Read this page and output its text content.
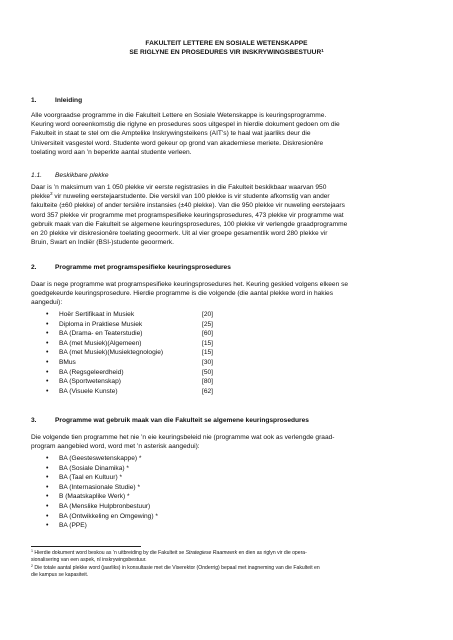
FAKULTEIT LETTERE EN SOSIALE WETENSKAPPE
SE RIGLYNE EN PROSEDURES VIR INSKRYWINGSBESTUUR$^1$
1.	Inleiding
Alle voorgraadse programme in die Fakulteit Lettere en Sosiale Wetenskappe is keuringsprogramme.
Keuring word ooreenkomstig die riglyne en prosedures soos uitgespel in hierdie dokument gedoen om die
Fakulteit in staat te stel om die Amptelike Inskrywingsteikens (AIT’s) te haal wat jaarliks deur die
Universiteit vasgestel word. Studente word gekeur op grond van akademiese meriete. Diskresionêre
toelating word aan ’n beperkte aantal studente verleen.
1.1. Beskikbare plekke
Daar is ’n maksimum van 1 050 plekke vir eerste registrasies in die Fakulteit beskikbaar waarvan 950
plekke$^2$ vir nuweling eerstejaarstudente. Die verskil van 100 plekke is vir studente afkomstig van ander
fakulteite (±60 plekke) of ander tersiêre instansies (±40 plekke). Van die 950 plekke vir nuweling eerstejaars
word 357 plekke vir programme met programspesifieke keuringsprosedures, 473 plekke vir programme wat
gebruik maak van die Fakulteit se algemene keuringsprosedures, 100 plekke vir verlengde graadprogramme
en 20 plekke vir diskresionêre toelating geoormerk. Uit al vier groepe gesamentlik word 280 plekke vir
Bruin, Swart en Indiër (BSI-)studente geoormerk.
2.	Programme met programspesifieke keuringsprosedures
Daar is nege programme wat programspesifieke keuringsprosedures het. Keuring geskied volgens elkeen se
goedgekeurde keuringsprosedure. Hierdie programme is die volgende (die aantal plekke word in hakies
aangedui):
• Hoër Sertifikaat in Musiek	[20]
• Diploma in Praktiese Musiek	[25]
• BA (Drama- en Teaterstudie)	[60]
• BA (met Musiek)(Algemeen)	[15]
• BA (met Musiek)(Musiektegnologie)	[15]
• BMus	[30]
• BA (Regsgeleerdheid)	[50]
• BA (Sportwetenskap)	[80]
• BA (Visuele Kunste)	[62]
3.	Programme wat gebruik maak van die Fakulteit se algemene keuringsprosedures
Die volgende tien programme het nie ’n eie keuringsbeleid nie (programme wat ook as verlengde graad-
program aangebied word, word met ’n asterisk aangedui):
• BA (Geesteswetenskappe) *
• BA (Sosiale Dinamika) *
• BA (Taal en Kultuur) *
• BA (Internasionale Studie) *
• B (Maatskaplike Werk) *
• BA (Menslike Hulpbronbestuur)
• BA (Ontwikkeling en Omgewing) *
• BA (PPE)
$^1$ Hierdie dokument word beskou as ’n uitbreiding by die Fakulteit se Strategiese Raamwerk en dien as riglyn vir die opera-
sionalisering van een aspek, nl inskrywingsbestuur.
$^2$ Die totale aantal plekke word (jaarliks) in konsultasie met die Viserektor (Onderrig) bepaal met inagneming van die Fakulteit en
die kampus se kapasiteit.
